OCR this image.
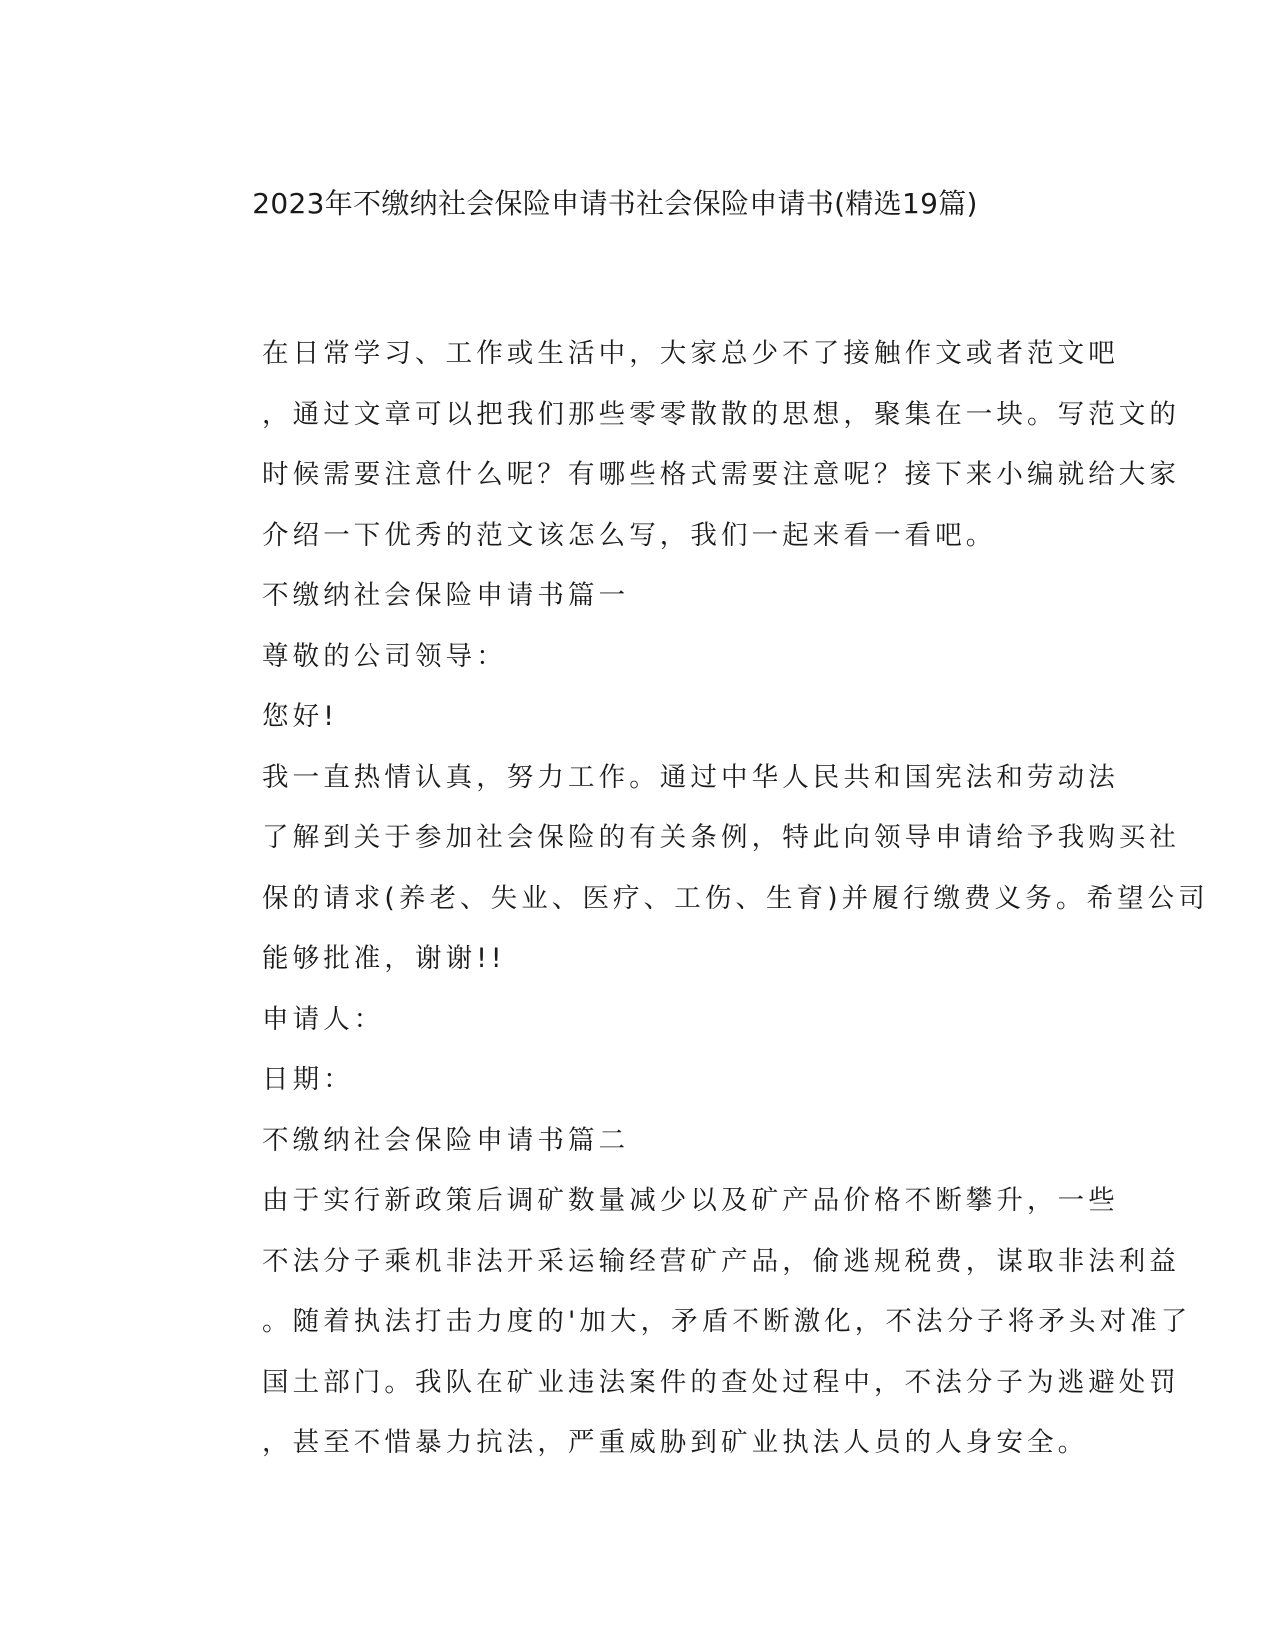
2023年不缴纳社会保险申请书社会保险申请书(精选19篇)

在日常学习、工作或生活中，大家总少不了接触作文或者范文吧
，通过文章可以把我们那些零零散散的思想，聚集在一块。写范文的
时候需要注意什么呢？有哪些格式需要注意呢？接下来小编就给大家
介绍一下优秀的范文该怎么写，我们一起来看一看吧。

不缴纳社会保险申请书篇一

尊敬的公司领导：

您好!

我一直热情认真，努力工作。通过中华人民共和国宪法和劳动法
了解到关于参加社会保险的有关条例，特此向领导申请给予我购买社
保的请求(养老、失业、医疗、工伤、生育)并履行缴费义务。希望公司
能够批准，谢谢!!

申请人：

日期：

不缴纳社会保险申请书篇二

由于实行新政策后调矿数量减少以及矿产品价格不断攀升，一些
不法分子乘机非法开采运输经营矿产品，偷逃规税费，谋取非法利益
。随着执法打击力度的'加大，矛盾不断激化，不法分子将矛头对准了
国土部门。我队在矿业违法案件的查处过程中，不法分子为逃避处罚
，甚至不惜暴力抗法，严重威胁到矿业执法人员的人身安全。
